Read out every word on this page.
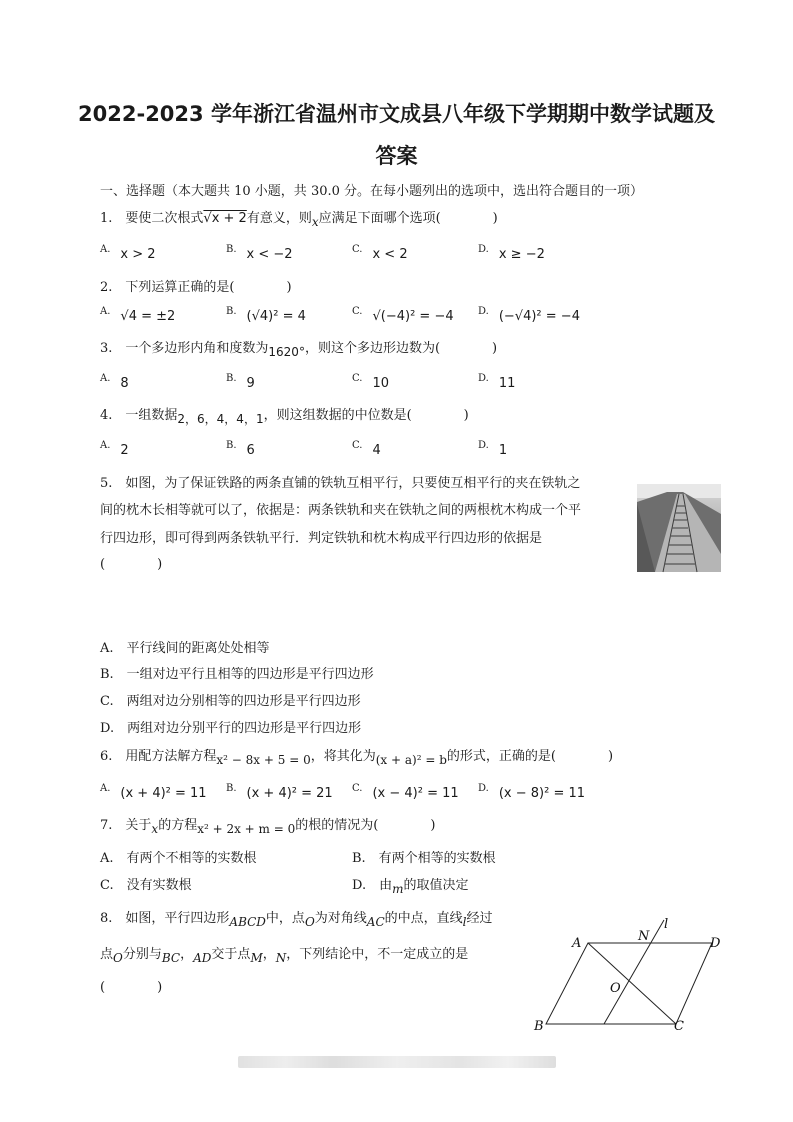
2022-2023 学年浙江省温州市文成县八年级下学期期中数学试题及
答案
一、选择题（本大题共 10 小题，共 30.0 分。在每小题列出的选项中，选出符合题目的一项）
1.　要使二次根式√x + 2有意义，则x应满足下面哪个选项(　　　　)
$^{A.}$ x > 2	$^{B.}$ x < −2	$^{C.}$ x < 2	$^{D.}$ x ≥ −2
2.　下列运算正确的是(　　　　)
$^{A.}$ √4 = ±2	$^{B.}$ (√4)² = 4	$^{C.}$ √(−4)² = −4 $^{D.}$ (−√4)² = −4
3.　一个多边形内角和度数为1620°，则这个多边形边数为(　　　　)
$^{A.}$ 8	$^{B.}$ 9	$^{C.}$ 10	$^{D.}$ 11
4.　一组数据2，6，4，4，1，则这组数据的中位数是(　　　　)
$^{A.}$ 2	$^{B.}$ 6	$^{C.}$ 4	$^{D.}$ 1
5.　如图，为了保证铁路的两条直铺的铁轨互相平行，只要使互相平行的夹在铁轨之
间的枕木长相等就可以了，依据是：两条铁轨和夹在铁轨之间的两根枕木构成一个平
行四边形，即可得到两条铁轨平行．判定铁轨和枕木构成平行四边形的依据是
(　　　　)
A.　平行线间的距离处处相等
B.　一组对边平行且相等的四边形是平行四边形
C.　两组对边分别相等的四边形是平行四边形
D.　两组对边分别平行的四边形是平行四边形
6.　用配方法解方程x² − 8x + 5 = 0，将其化为(x + a)² = b的形式，正确的是(　　　　)
$^{A.}$ (x + 4)² = 11 $^{B.}$ (x + 4)² = 21 $^{C.}$ (x − 4)² = 11 $^{D.}$ (x − 8)² = 11
7.　关于x的方程x² + 2x + m = 0的根的情况为(　　　　)
A.　有两个不相等的实数根	B.　有两个相等的实数根
C.　没有实数根	D.　由m的取值决定
8.　如图，平行四边形ABCD中，点O为对角线AC的中点，直线l经过
点O分别与BC，AD交于点M，N，下列结论中，不一定成立的是
(　　　　)
A	D
N
l
O
B	C
